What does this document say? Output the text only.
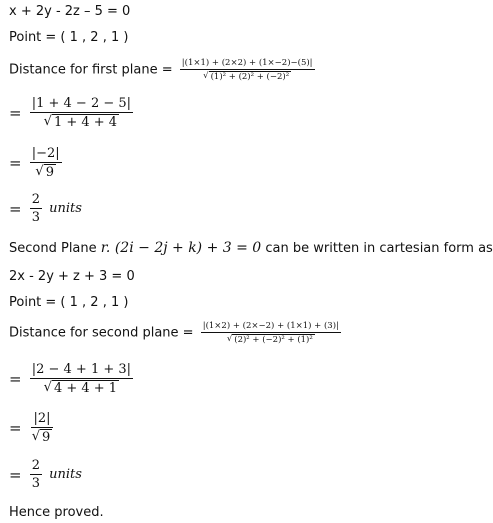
x + 2y - 2z – 5 = 0
Point = ( 1 , 2 , 1 )
Distance for first plane = $\frac{|(1\times 1) + (2\times 2) + (1\times-2)-(5)|}{\text{√ (1)² + (2)² + (−2)²}}$
= $\frac{|1 + 4 - 2 - 5|}{√ 1 + 4 + 4}$
= $\frac{|-2|}{√ 9}$
= $\frac{2}{3}$ units
Second Plane r. (2i − 2j + k) + 3 = 0 can be written in cartesian form as
2x - 2y + z + 3 = 0
Point = ( 1 , 2 , 1 )
Distance for second plane = $\frac{|(1\times 2) + (2\times-2) + (1\times 1) + (3)|}{\text{√ (2)² + (−2)² + (1)²}}$
= $\frac{|2 - 4 + 1 + 3|}{√ 4 + 4 + 1}$
= $\frac{|2|}{√ 9}$
= $\frac{2}{3}$ units
Hence proved.
